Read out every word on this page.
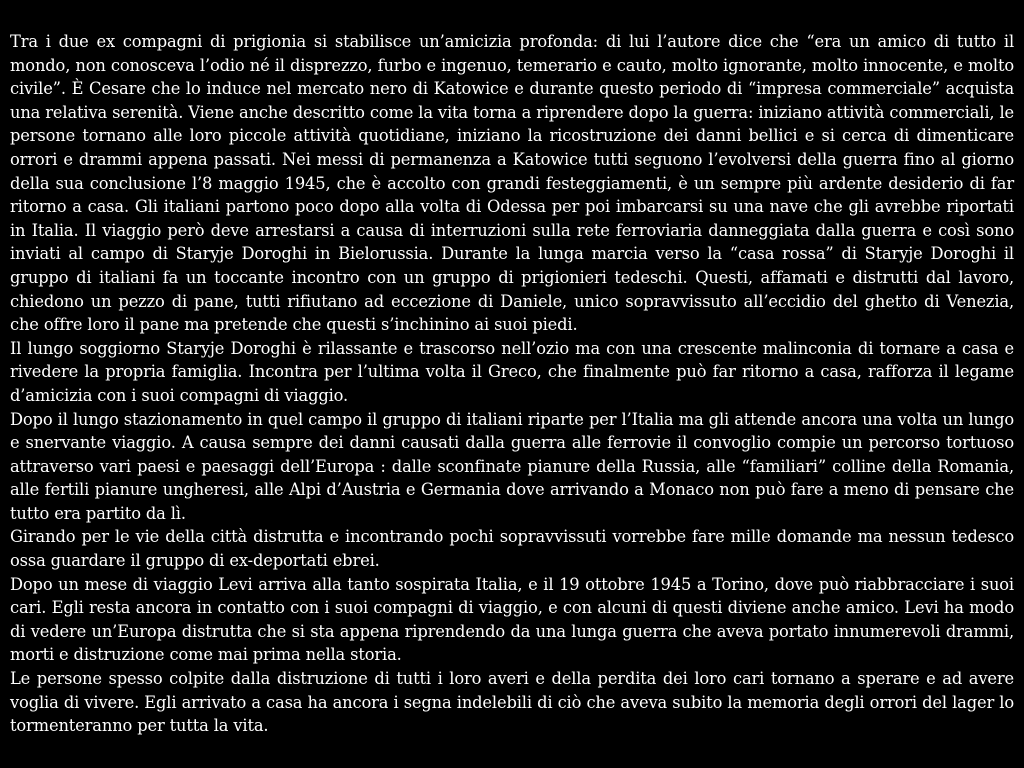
Tra i due ex compagni di prigionia si stabilisce un’amicizia profonda: di lui l’autore dice che “era un amico di tutto il mondo, non conosceva l’odio né il disprezzo, furbo e ingenuo, temerario e cauto, molto ignorante, molto innocente, e molto civile”. È Cesare che lo induce nel mercato nero di Katowice e durante questo periodo di “impresa commerciale” acquista una relativa serenità. Viene anche descritto come la vita torna a riprendere dopo la guerra: iniziano attività commerciali, le persone tornano alle loro piccole attività quotidiane, iniziano la ricostruzione dei danni bellici e si cerca di dimenticare orrori e drammi appena passati. Nei messi di permanenza a Katowice tutti seguono l’evolversi della guerra fino al giorno della sua conclusione l’8 maggio 1945, che è accolto con grandi festeggiamenti, è un sempre più ardente desiderio di far ritorno a casa. Gli italiani partono poco dopo alla volta di Odessa per poi imbarcarsi su una nave che gli avrebbe riportati in Italia. Il viaggio però deve arrestarsi a causa di interruzioni sulla rete ferroviaria danneggiata dalla guerra e così sono inviati al campo di Staryje Doroghi in Bielorussia. Durante la lunga marcia verso la “casa rossa” di Staryje Doroghi il gruppo di italiani fa un toccante incontro con un gruppo di prigionieri tedeschi. Questi, affamati e distrutti dal lavoro, chiedono un pezzo di pane, tutti rifiutano ad eccezione di Daniele, unico sopravvissuto all’eccidio del ghetto di Venezia, che offre loro il pane ma pretende che questi s’inchinino ai suoi piedi.

Il lungo soggiorno Staryje Doroghi è rilassante e trascorso nell’ozio ma con una crescente malinconia di tornare a casa e rivedere la propria famiglia. Incontra per l’ultima volta il Greco, che finalmente può far ritorno a casa, rafforza il legame d’amicizia con i suoi compagni di viaggio.

Dopo il lungo stazionamento in quel campo il gruppo di italiani riparte per l’Italia ma gli attende ancora una volta un lungo e snervante viaggio. A causa sempre dei danni causati dalla guerra alle ferrovie il convoglio compie un percorso tortuoso attraverso vari paesi e paesaggi dell’Europa : dalle sconfinate pianure della Russia, alle “familiari” colline della Romania, alle fertili pianure ungheresi, alle Alpi d’Austria e Germania dove arrivando a Monaco non può fare a meno di pensare che tutto era partito da lì.

Girando per le vie della città distrutta e incontrando pochi sopravvissuti vorrebbe fare mille domande ma nessun tedesco ossa guardare il gruppo di ex-deportati ebrei.

Dopo un mese di viaggio Levi arriva alla tanto sospirata Italia, e il 19 ottobre 1945 a Torino, dove può riabbracciare i suoi cari. Egli resta ancora in contatto con i suoi compagni di viaggio, e con alcuni di questi diviene anche amico. Levi ha modo di vedere un’Europa distrutta che si sta appena riprendendo da una lunga guerra che aveva portato innumerevoli drammi, morti e distruzione come mai prima nella storia.

Le persone spesso colpite dalla distruzione di tutti i loro averi e della perdita dei loro cari tornano a sperare e ad avere voglia di vivere. Egli arrivato a casa ha ancora i segna indelebili di ciò che aveva subito la memoria degli orrori del lager lo tormenteranno per tutta la vita.
